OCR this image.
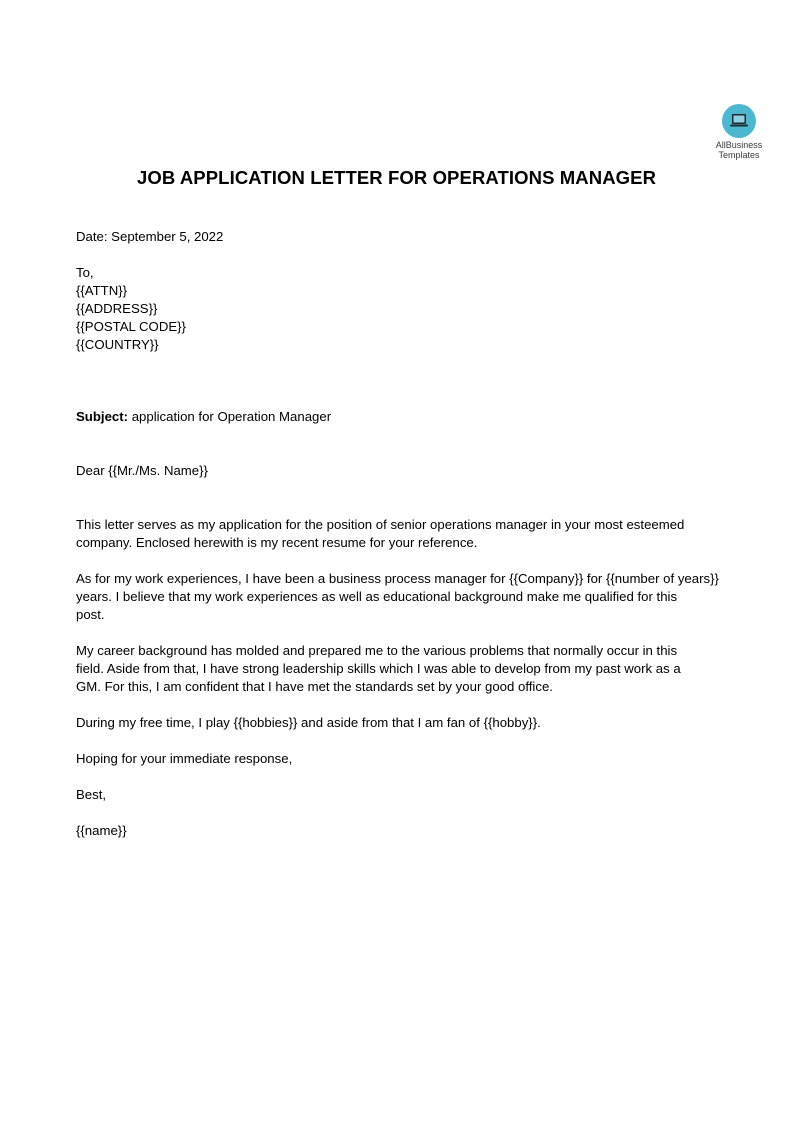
AllBusiness
Templates
JOB APPLICATION LETTER FOR OPERATIONS MANAGER
Date: September 5, 2022
To,
{{ATTN}}
{{ADDRESS}}
{{POSTAL CODE}}
{{COUNTRY}}
Subject: application for Operation Manager
Dear {{Mr./Ms. Name}}
This letter serves as my application for the position of senior operations manager in your most esteemed
company. Enclosed herewith is my recent resume for your reference.
As for my work experiences, I have been a business process manager for {{Company}} for {{number of years}}
years. I believe that my work experiences as well as educational background make me qualified for this
post.
My career background has molded and prepared me to the various problems that normally occur in this
field. Aside from that, I have strong leadership skills which I was able to develop from my past work as a
GM. For this, I am confident that I have met the standards set by your good office.
During my free time, I play {{hobbies}} and aside from that I am fan of {{hobby}}.
Hoping for your immediate response,
Best,
{{name}}
